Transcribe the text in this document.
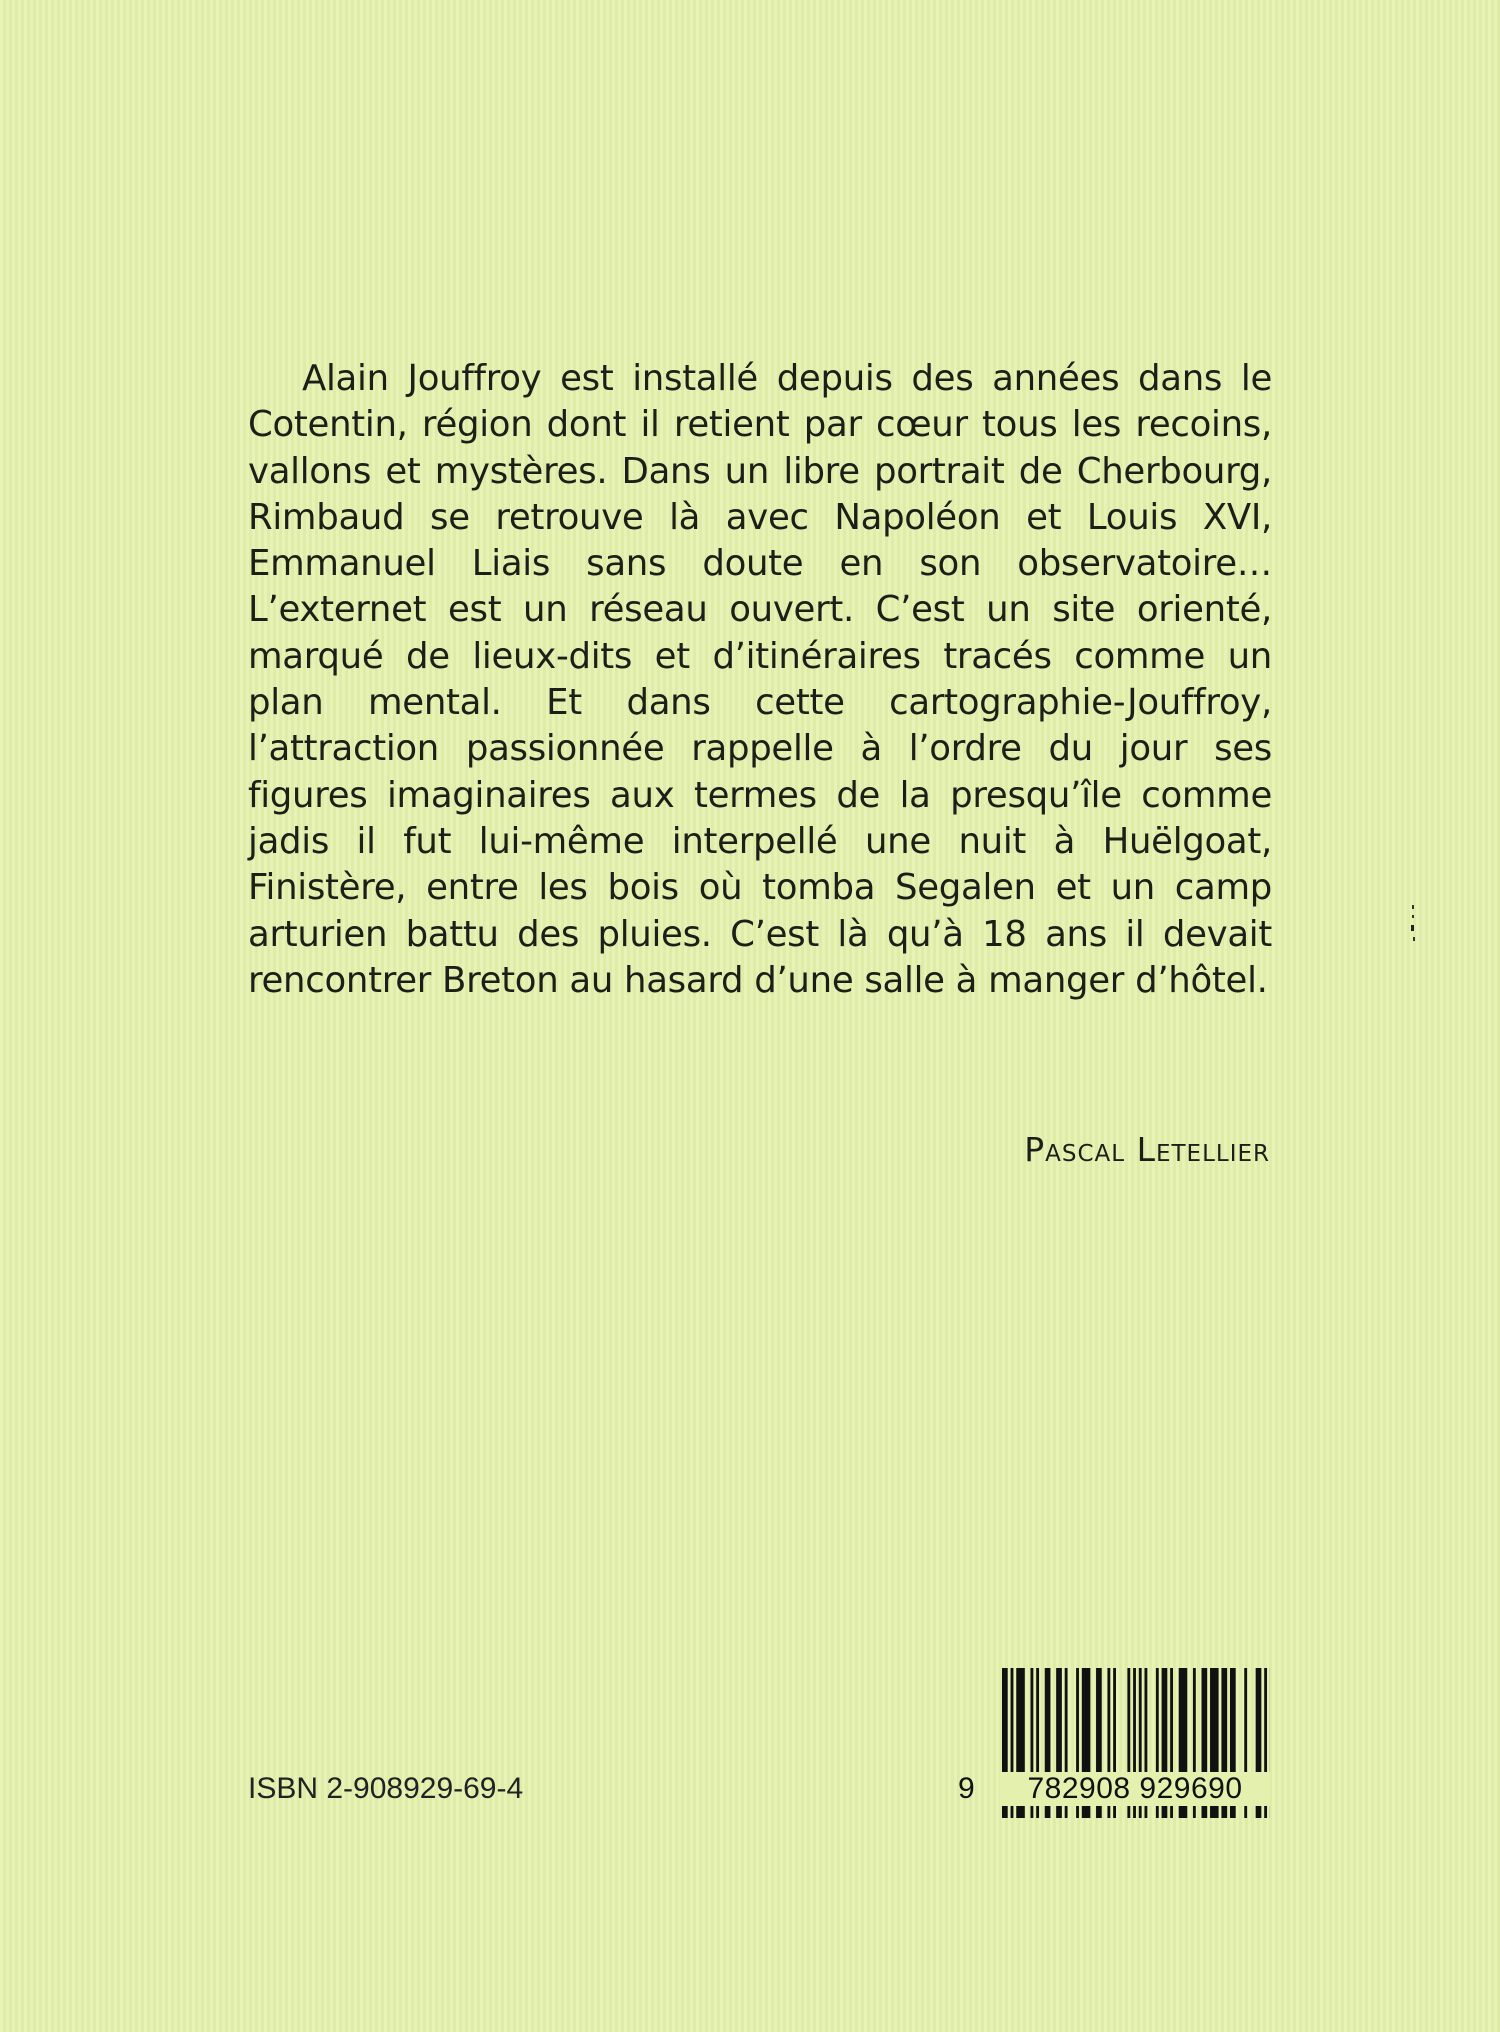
Alain Jouffroy est installé depuis des années dans le Cotentin, région dont il retient par cœur tous les recoins, vallons et mystères. Dans un libre portrait de Cherbourg, Rimbaud se retrouve là avec Napoléon et Louis XVI, Emmanuel Liais sans doute en son observatoire… L’externet est un réseau ouvert. C’est un site orienté, marqué de lieux-dits et d’itinéraires tracés comme un plan mental. Et dans cette cartographie-Jouffroy, l’attraction passionnée rappelle à l’ordre du jour ses figures imaginaires aux termes de la presqu’île comme jadis il fut lui-même interpellé une nuit à Huëlgoat, Finistère, entre les bois où tomba Segalen et un camp arturien battu des pluies. C’est là qu’à 18 ans il devait rencontrer Breton au hasard d’une salle à manger d’hôtel.

Pascal Letellier
ISBN 2-908929-69-4	9	782908 929690
